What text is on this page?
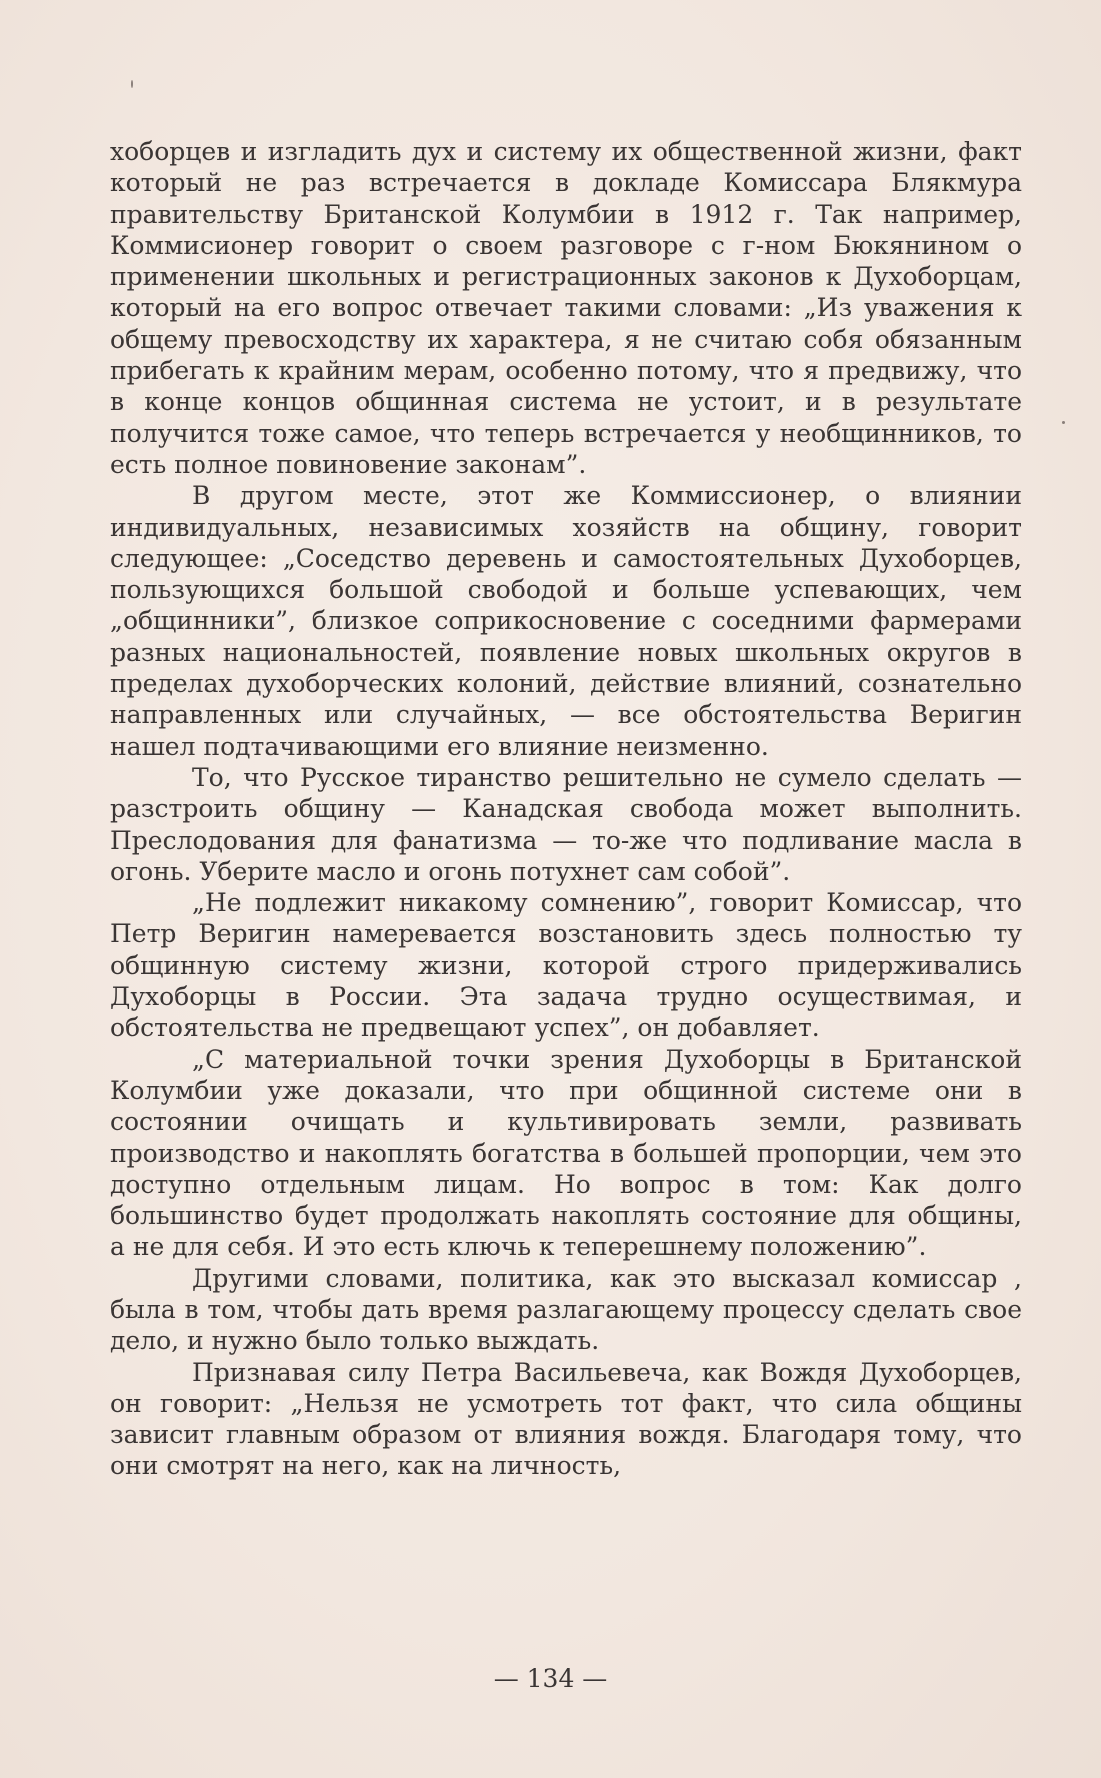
хоборцев и изгладить дух и систему их общественной жизни, факт который не раз встречается в докладе Комиссара Блякмура правительству Британской Колумбии в 1912 г. Так например, Коммисионер говорит о своем разговоре с г-ном Бюкянином о применении школьных и регистрационных законов к Духоборцам, который на его вопрос отвечает такими словами: „Из уважения к общему превосходству их характера, я не считаю собя обязанным прибегать к крайним мерам, особенно потому, что я предвижу, что в конце концов общинная система не устоит, и в результате получится тоже самое, что теперь встречается у необщинников, то есть полное повиновение законам”.

В другом месте, этот же Коммиссионер, о влиянии индивидуальных, независимых хозяйств на общину, говорит следующее: „Соседство деревень и самостоятельных Духоборцев, пользующихся большой свободой и больше успевающих, чем „общинники”, близкое соприкосновение с соседними фармерами разных национальностей, появление новых школьных округов в пределах духоборческих колоний, действие влияний, сознательно направленных или случайных, — все обстоятельства Веригин нашел подтачивающими его влияние неизменно.

То, что Русское тиранство решительно не сумело сделать — разстроить общину — Канадская свобода может выполнить. Преслодования для фанатизма — то-же что подливание масла в огонь. Уберите масло и огонь потухнет сам собой”.

„Не подлежит никакому сомнению”, говорит Комиссар, что Петр Веригин намеревается возстановить здесь полностью ту общинную систему жизни, которой строго придерживались Духоборцы в России. Эта задача трудно осуществимая, и обстоятельства не предвещают успех”, он добавляет.

„С материальной точки зрения Духоборцы в Британской Колумбии уже доказали, что при общинной системе они в состоянии очищать и культивировать земли, развивать производство и накоплять богатства в большей пропорции, чем это доступно отдельным лицам. Но вопрос в том: Как долго большинство будет продолжать накоплять состояние для общины, а не для себя. И это есть ключь к теперешнему положению”.

Другими словами, политика, как это высказал комиссар , была в том, чтобы дать время разлагающему процессу сделать свое дело, и нужно было только выждать.

Признавая силу Петра Васильевеча, как Вождя Духоборцев, он говорит: „Нельзя не усмотреть тот факт, что сила общины зависит главным образом от влияния вождя. Благодаря тому, что они смотрят на него, как на личность,

— 134 —
